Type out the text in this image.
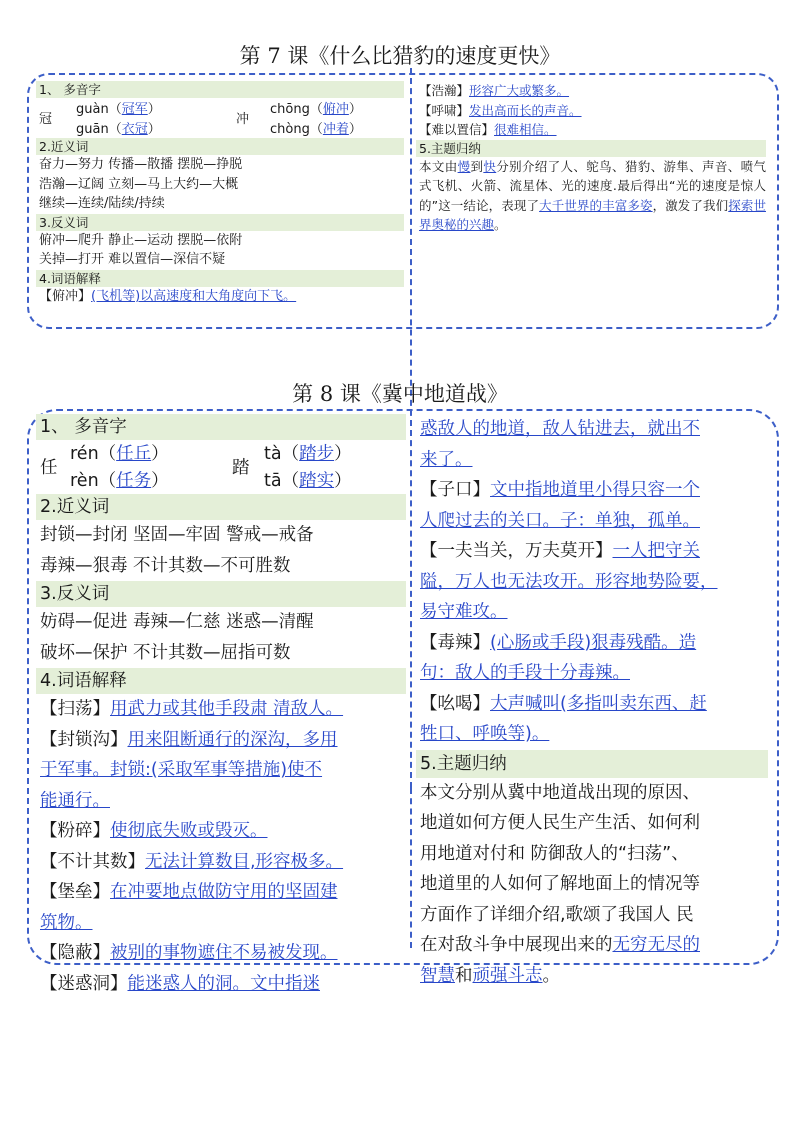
第 7 课《什么比猎豹的速度更快》
1、 多音字
冠
guàn（冠军）
guān（衣冠）
冲
chōng（俯冲）
chòng（冲着）
2.近义词
奋力—努力 传播—散播 摆脱—挣脱
浩瀚—辽阔 立刻—马上大约—大概
继续—连续/陆续/持续
3.反义词
俯冲—爬升 静止—运动 摆脱—依附
关掉—打开 难以置信—深信不疑
4.词语解释
【俯冲】(飞机等)以高速度和大角度向下飞。
【浩瀚】形容广大或繁多。
【呼啸】发出高而长的声音。
【难以置信】很难相信。
5.主题归纳
本文由慢到快分别介绍了人、鸵鸟、猎豹、游隼、声音、喷气式飞机、火箭、流星体、光的速度.最后得出“光的速度是惊人的”这一结论，表现了大千世界的丰富多姿，激发了我们探索世界奥秘的兴趣。
第 8 课《冀中地道战》
1、 多音字
任
rén（任丘）
rèn（任务）
踏
tà（踏步）
tā（踏实）
2.近义词
封锁—封闭 坚固—牢固 警戒—戒备
毒辣—狠毒 不计其数—不可胜数
3.反义词
妨碍—促进 毒辣—仁慈 迷惑—清醒
破坏—保护 不计其数—屈指可数
4.词语解释
【扫荡】用武力或其他手段肃 清敌人。
【封锁沟】用来阻断通行的深沟，多用
于军事。封锁:(采取军事等措施)使不
能通行。
【粉碎】使彻底失败或毁灭。
【不计其数】无法计算数目,形容极多。
【堡垒】在冲要地点做防守用的坚固建
筑物。
【隐蔽】被别的事物遮住不易被发现。
【迷惑洞】能迷惑人的洞。文中指迷
惑敌人的地道，敌人钻进去，就出不
来了。
【子口】文中指地道里小得只容一个
人爬过去的关口。子：单独，孤单。
【一夫当关，万夫莫开】一人把守关
隘，万人也无法攻开。形容地势险要，
易守难攻。
【毒辣】(心肠或手段)狠毒残酷。造
句：敌人的手段十分毒辣。
【吆喝】大声喊叫(多指叫卖东西、赶
牲口、呼唤等)。
5.主题归纳
本文分别从冀中地道战出现的原因、
地道如何方便人民生产生活、如何利
用地道对付和 防御敌人的“扫荡”、
地道里的人如何了解地面上的情况等
方面作了详细介绍,歌颂了我国人 民
在对敌斗争中展现出来的无穷无尽的
智慧和顽强斗志。
